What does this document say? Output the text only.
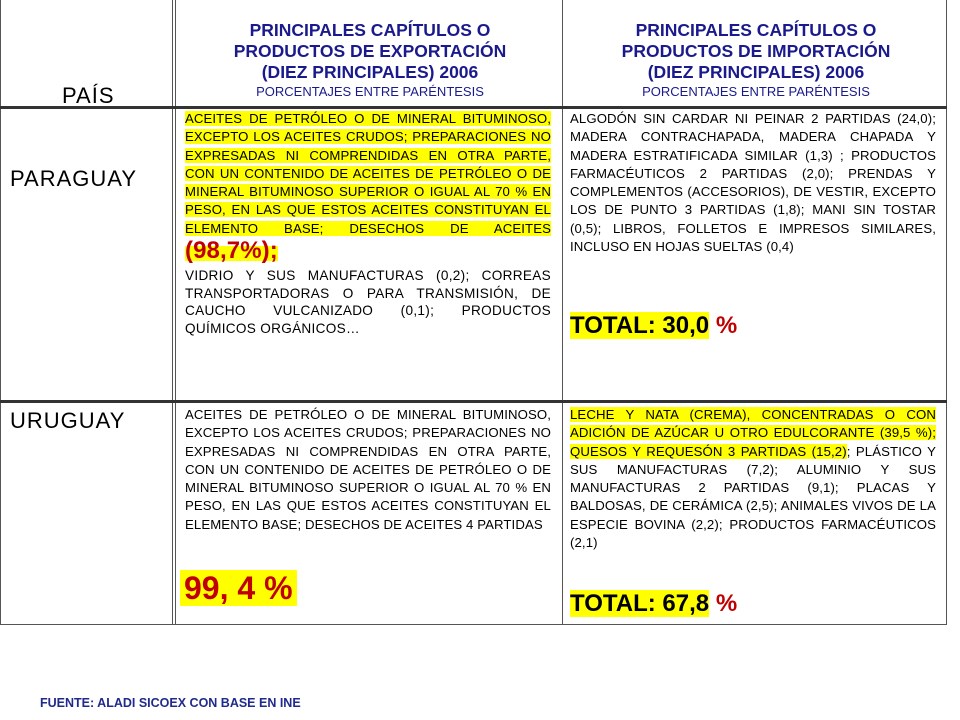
PAÍS
PRINCIPALES CAPÍTULOS O
PRODUCTOS DE EXPORTACIÓN
(DIEZ PRINCIPALES) 2006
PORCENTAJES ENTRE PARÉNTESIS
PRINCIPALES CAPÍTULOS O
PRODUCTOS DE IMPORTACIÓN
(DIEZ PRINCIPALES) 2006
PORCENTAJES ENTRE PARÉNTESIS
PARAGUAY
ACEITES DE PETRÓLEO O DE MINERAL BITUMINOSO, EXCEPTO LOS ACEITES CRUDOS; PREPARACIONES NO EXPRESADAS NI COMPRENDIDAS EN OTRA PARTE, CON UN CONTENIDO DE ACEITES DE PETRÓLEO O DE MINERAL BITUMINOSO SUPERIOR O IGUAL AL 70 % EN PESO, EN LAS QUE ESTOS ACEITES CONSTITUYAN EL ELEMENTO BASE; DESECHOS DE ACEITES (98,7%);
VIDRIO Y SUS MANUFACTURAS (0,2); CORREAS TRANSPORTADORAS O PARA TRANSMISIÓN, DE CAUCHO VULCANIZADO (0,1); PRODUCTOS QUÍMICOS ORGÁNICOS…
ALGODÓN SIN CARDAR NI PEINAR 2 PARTIDAS (24,0); MADERA CONTRACHAPADA, MADERA CHAPADA Y MADERA ESTRATIFICADA SIMILAR (1,3) ; PRODUCTOS FARMACÉUTICOS 2 PARTIDAS (2,0); PRENDAS Y COMPLEMENTOS (ACCESORIOS), DE VESTIR, EXCEPTO LOS DE PUNTO 3 PARTIDAS (1,8); MANI SIN TOSTAR (0,5); LIBROS, FOLLETOS E IMPRESOS SIMILARES, INCLUSO EN HOJAS SUELTAS (0,4)
TOTAL: 30,0 %
URUGUAY	ACEITES DE PETRÓLEO O DE MINERAL BITUMINOSO, EXCEPTO LOS ACEITES CRUDOS; PREPARACIONES NO EXPRESADAS NI COMPRENDIDAS EN OTRA PARTE, CON UN CONTENIDO DE ACEITES DE PETRÓLEO O DE MINERAL BITUMINOSO SUPERIOR O IGUAL AL 70 % EN PESO, EN LAS QUE ESTOS ACEITES CONSTITUYAN EL ELEMENTO BASE; DESECHOS DE ACEITES 4 PARTIDAS
99, 4 %
LECHE Y NATA (CREMA), CONCENTRADAS O CON ADICIÓN DE AZÚCAR U OTRO EDULCORANTE (39,5 %); QUESOS Y REQUESÓN 3 PARTIDAS (15,2); PLÁSTICO Y SUS MANUFACTURAS (7,2); ALUMINIO Y SUS MANUFACTURAS 2 PARTIDAS (9,1); PLACAS Y BALDOSAS, DE CERÁMICA (2,5); ANIMALES VIVOS DE LA ESPECIE BOVINA (2,2); PRODUCTOS FARMACÉUTICOS (2,1)
TOTAL: 67,8 %
FUENTE: ALADI SICOEX CON BASE EN INE
